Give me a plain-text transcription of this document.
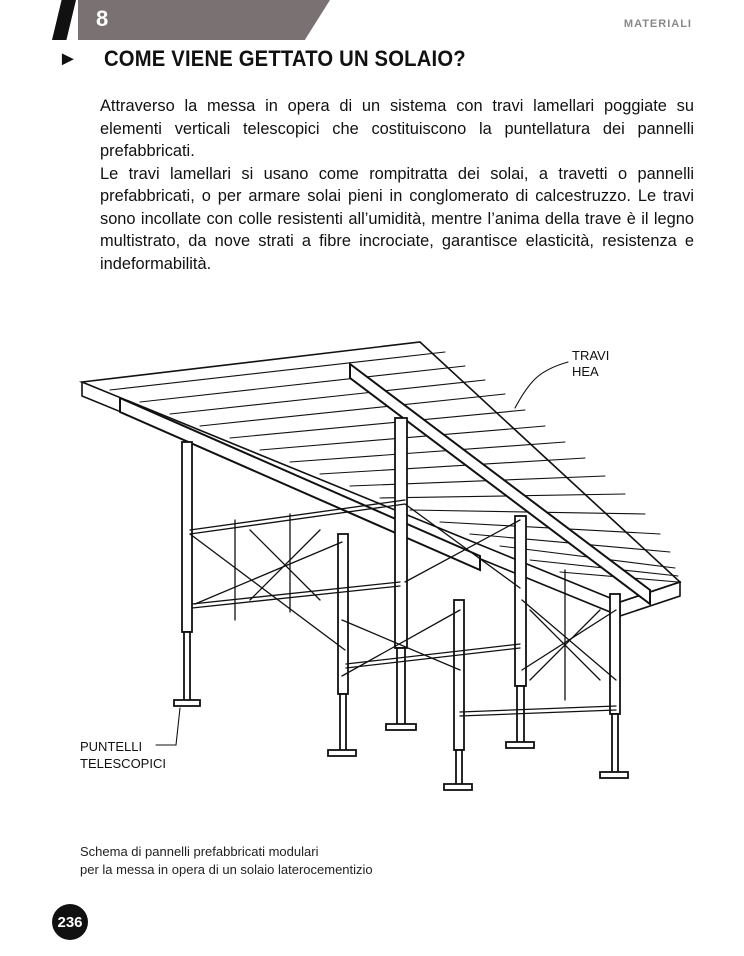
8	MATERIALI
► COME VIENE GETTATO UN SOLAIO?

Attraverso la messa in opera di un sistema con travi lamellari poggiate su elementi verticali telescopici che costituiscono la puntellatura dei pannelli prefabbricati.

Le travi lamellari si usano come rompitratta dei solai, a travetti o pannelli prefabbricati, o per armare solai pieni in conglomerato di calcestruzzo. Le travi sono incollate con colle resistenti all’umidità, mentre l’anima della trave è il legno multistrato, da nove strati a fibre incrociate, garantisce elasticità, resistenza e indeformabilità.

TRAVI
HEA
PUNTELLI
TELESCOPICI
Schema di pannelli prefabbricati modulari
per la messa in opera di un solaio laterocementizio
236
